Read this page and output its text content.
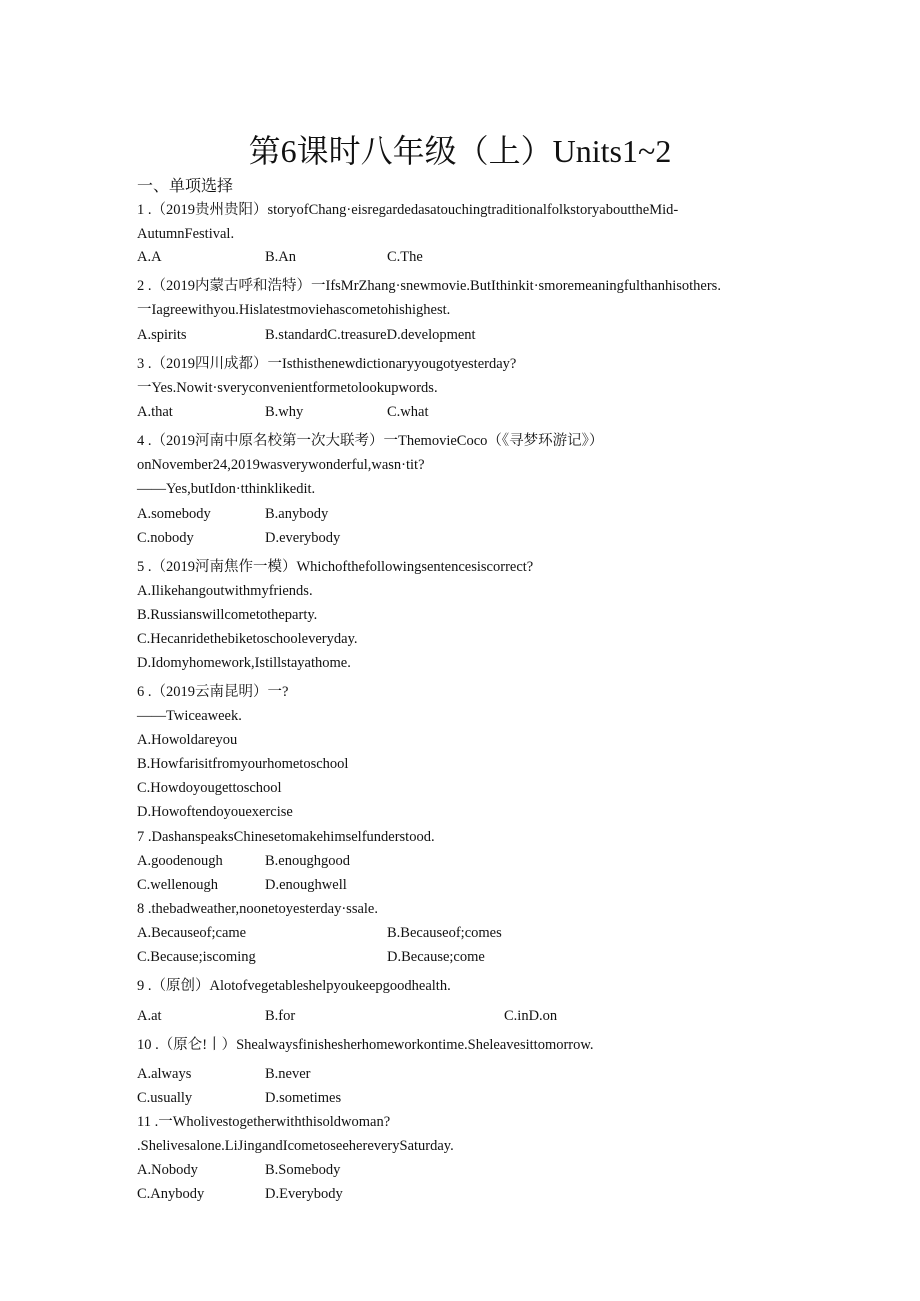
第6课时八年级（上）Units1~2
一、单项选择
1 .（2019贵州贵阳）storyofChang·eisregardedasatouchingtraditionalfolkstoryabouttheMid-
AutumnFestival.
A.A	B.An	C.The
2 .（2019内蒙古呼和浩特）一IfsMrZhang·snewmovie.ButIthinkit·smoremeaningfulthanhisothers.
一Iagreewithyou.Hislatestmoviehascometohishighest.
A.spirits	B.standardC.treasureD.development
3 .（2019四川成都）一Isthisthenewdictionaryyougotyesterday?
一Yes.Nowit·sveryconvenientformetolookupwords.
A.that	B.why	C.what
4 .（2019河南中原名校第一次大联考）一ThemovieCoco（《寻梦环游记》）
onNovember24,2019wasverywonderful,wasn·tit?
——Yes,butIdon·tthinklikedit.
A.somebody	B.anybody
C.nobody	D.everybody
5 .（2019河南焦作一模）Whichofthefollowingsentencesiscorrect?
A.Ilikehangoutwithmyfriends.
B.Russianswillcometotheparty.
C.Hecanridethebiketoschooleveryday.
D.Idomyhomework,Istillstayathome.
6 .（2019云南昆明）一?
——Twiceaweek.
A.Howoldareyou
B.Howfarisitfromyourhometoschool
C.Howdoyougettoschool
D.Howoftendoyouexercise
7 .DashanspeaksChinesetomakehimselfunderstood.
A.goodenough	B.enoughgood
C.wellenough	D.enoughwell
8 .thebadweather,noonetoyesterday·ssale.
A.Becauseof;came	B.Becauseof;comes
C.Because;iscoming	D.Because;come
9 .（原创）Alotofvegetableshelpyoukeepgoodhealth.
A.at	B.for	C.inD.on
10 .（原仑!丨）Shealwaysfinishesherhomeworkontime.Sheleavesittomorrow.
A.always	B.never
C.usually	D.sometimes
11 .一Wholivestogetherwiththisoldwoman?
.Shelivesalone.LiJingandIcometoseehereverySaturday.
A.Nobody	B.Somebody
C.Anybody	D.Everybody
